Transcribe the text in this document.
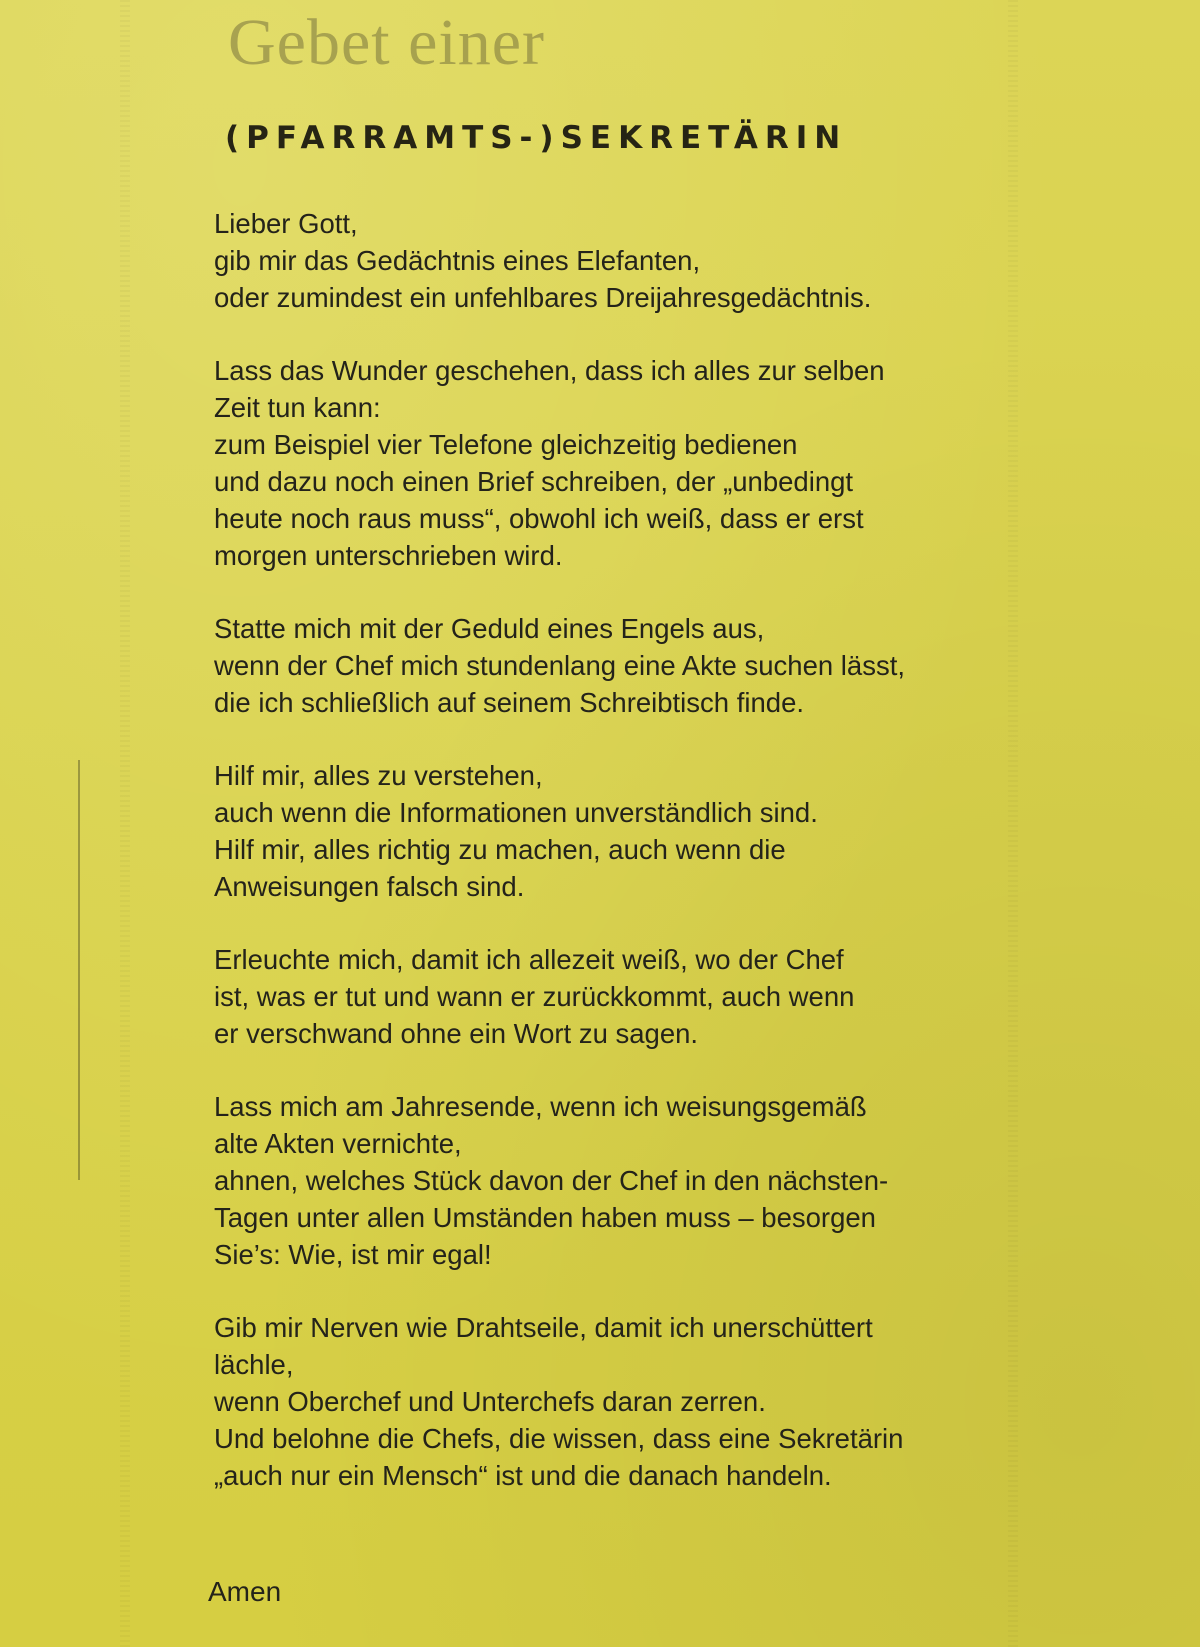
Gebet einer
(PFARRAMTS-)SEKRETÄRIN
Lieber Gott,
gib mir das Gedächtnis eines Elefanten,
oder zumindest ein unfehlbares Dreijahresgedächtnis.
Lass das Wunder geschehen, dass ich alles zur selben
Zeit tun kann:
zum Beispiel vier Telefone gleichzeitig bedienen
und dazu noch einen Brief schreiben, der „unbedingt
heute noch raus muss“, obwohl ich weiß, dass er erst
morgen unterschrieben wird.
Statte mich mit der Geduld eines Engels aus,
wenn der Chef mich stundenlang eine Akte suchen lässt,
die ich schließlich auf seinem Schreibtisch finde.
Hilf mir, alles zu verstehen,
auch wenn die Informationen unverständlich sind.
Hilf mir, alles richtig zu machen, auch wenn die
Anweisungen falsch sind.
Erleuchte mich, damit ich allezeit weiß, wo der Chef
ist, was er tut und wann er zurückkommt, auch wenn
er verschwand ohne ein Wort zu sagen.
Lass mich am Jahresende, wenn ich weisungsgemäß
alte Akten vernichte,
ahnen, welches Stück davon der Chef in den nächsten-
Tagen unter allen Umständen haben muss – besorgen
Sie’s: Wie, ist mir egal!
Gib mir Nerven wie Drahtseile, damit ich unerschüttert
lächle,
wenn Oberchef und Unterchefs daran zerren.
Und belohne die Chefs, die wissen, dass eine Sekretärin
„auch nur ein Mensch“ ist und die danach handeln.
Amen
